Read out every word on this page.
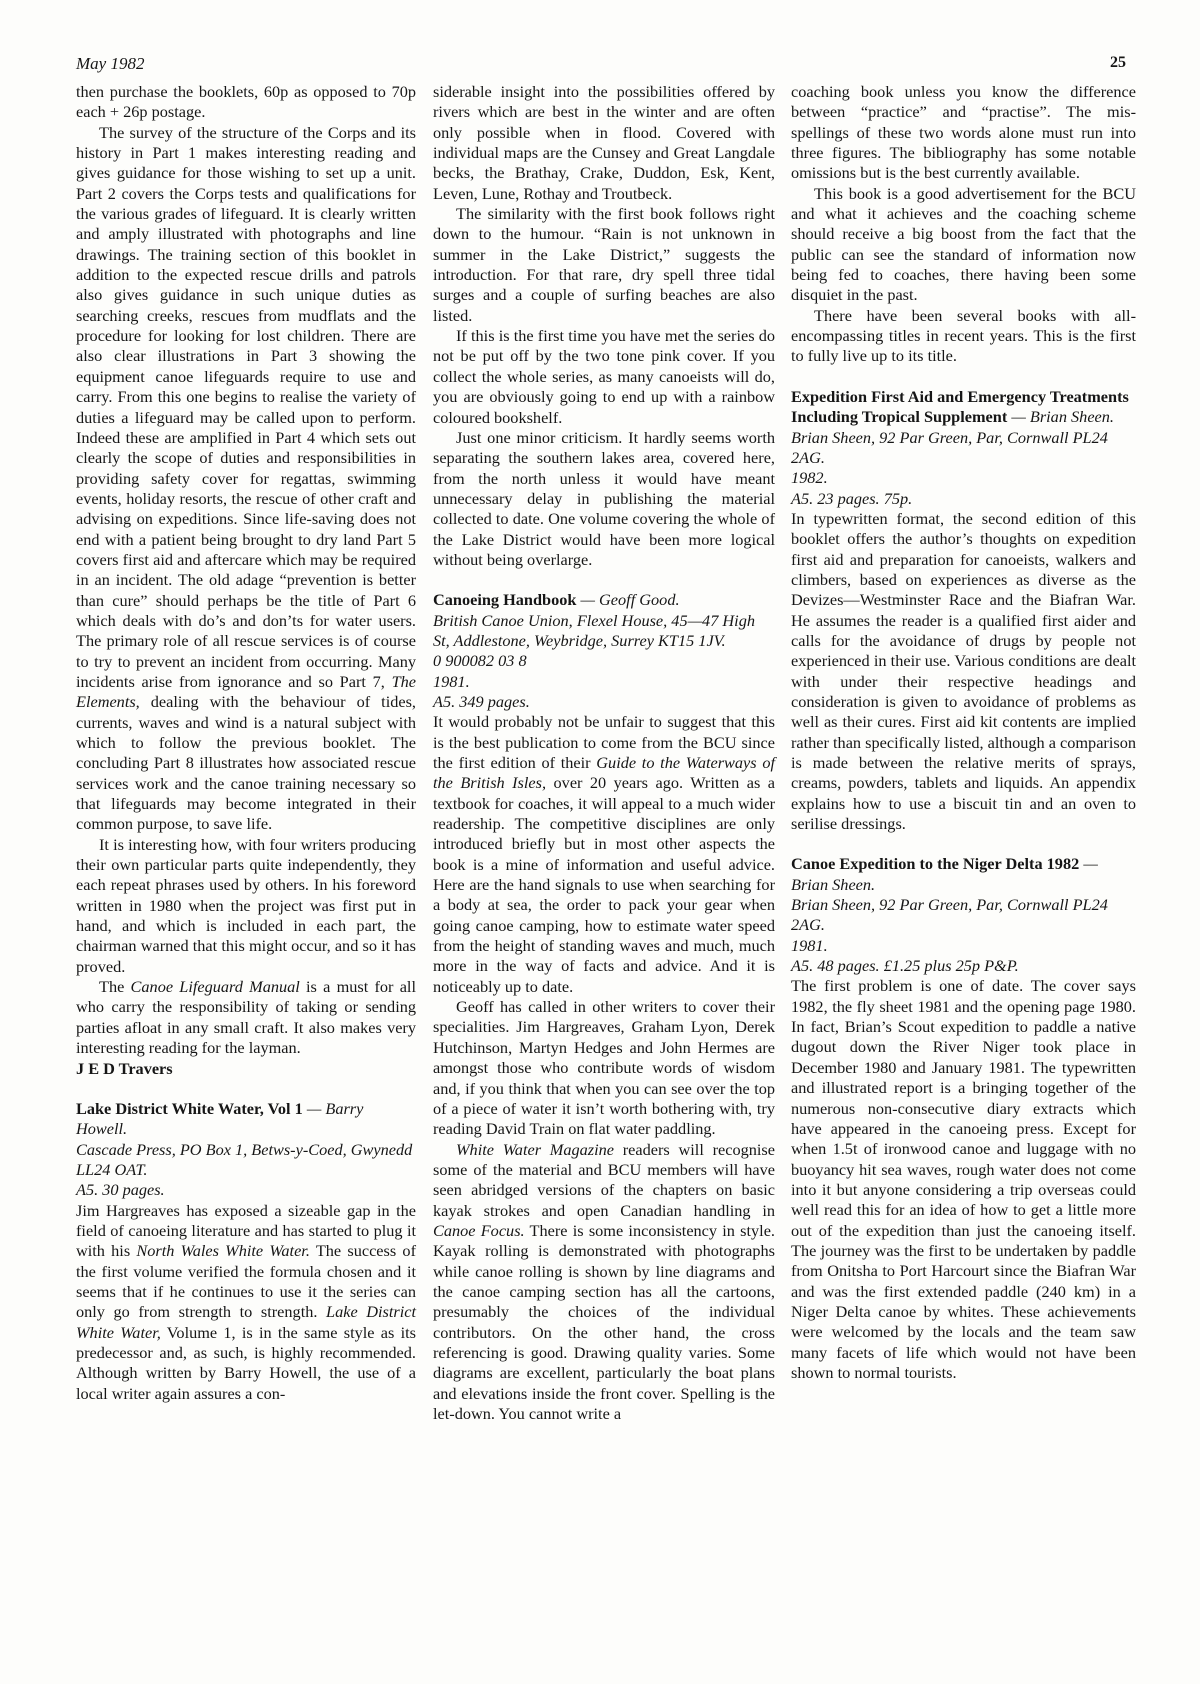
May 1982	25

then purchase the booklets, 60p as opposed to 70p each + 26p postage.

The survey of the structure of the Corps and its history in Part 1 makes interesting reading and gives guidance for those wishing to set up a unit. Part 2 covers the Corps tests and qualifications for the various grades of lifeguard. It is clearly written and amply illustrated with photographs and line drawings. The training section of this booklet in addition to the expected rescue drills and patrols also gives guidance in such unique duties as searching creeks, rescues from mudflats and the procedure for looking for lost children. There are also clear illustrations in Part 3 showing the equipment canoe lifeguards require to use and carry. From this one begins to realise the variety of duties a lifeguard may be called upon to perform. Indeed these are amplified in Part 4 which sets out clearly the scope of duties and responsibilities in providing safety cover for regattas, swimming events, holiday resorts, the rescue of other craft and advising on expeditions. Since life-saving does not end with a patient being brought to dry land Part 5 covers first aid and aftercare which may be required in an incident. The old adage “prevention is better than cure” should perhaps be the title of Part 6 which deals with do’s and don’ts for water users. The primary role of all rescue services is of course to try to prevent an incident from occurring. Many incidents arise from ignorance and so Part 7, The Elements, dealing with the behaviour of tides, currents, waves and wind is a natural subject with which to follow the previous booklet. The concluding Part 8 illustrates how associated rescue services work and the canoe training necessary so that lifeguards may become integrated in their common purpose, to save life.

It is interesting how, with four writers producing their own particular parts quite independently, they each repeat phrases used by others. In his foreword written in 1980 when the project was first put in hand, and which is included in each part, the chairman warned that this might occur, and so it has proved.

The Canoe Lifeguard Manual is a must for all who carry the responsibility of taking or sending parties afloat in any small craft. It also makes very interesting reading for the layman.

J E D Travers

Lake District White Water, Vol 1 — Barry Howell.

Cascade Press, PO Box 1, Betws-y-Coed, Gwynedd LL24 OAT.

A5. 30 pages.

Jim Hargreaves has exposed a sizeable gap in the field of canoeing literature and has started to plug it with his North Wales White Water. The success of the first volume verified the formula chosen and it seems that if he continues to use it the series can only go from strength to strength. Lake District White Water, Volume 1, is in the same style as its predecessor and, as such, is highly recommended. Although written by Barry Howell, the use of a local writer again assures a con-

siderable insight into the possibilities offered by rivers which are best in the winter and are often only possible when in flood. Covered with individual maps are the Cunsey and Great Langdale becks, the Brathay, Crake, Duddon, Esk, Kent, Leven, Lune, Rothay and Troutbeck.

The similarity with the first book follows right down to the humour. “Rain is not unknown in summer in the Lake District,” suggests the introduction. For that rare, dry spell three tidal surges and a couple of surfing beaches are also listed.

If this is the first time you have met the series do not be put off by the two tone pink cover. If you collect the whole series, as many canoeists will do, you are obviously going to end up with a rainbow coloured bookshelf.

Just one minor criticism. It hardly seems worth separating the southern lakes area, covered here, from the north unless it would have meant unnecessary delay in publishing the material collected to date. One volume covering the whole of the Lake District would have been more logical without being overlarge.

Canoeing Handbook — Geoff Good.

British Canoe Union, Flexel House, 45—47 High St, Addlestone, Weybridge, Surrey KT15 1JV.

0 900082 03 8

1981.

A5. 349 pages.

It would probably not be unfair to suggest that this is the best publication to come from the BCU since the first edition of their Guide to the Waterways of the British Isles, over 20 years ago. Written as a textbook for coaches, it will appeal to a much wider readership. The competitive disciplines are only introduced briefly but in most other aspects the book is a mine of information and useful advice. Here are the hand signals to use when searching for a body at sea, the order to pack your gear when going canoe camping, how to estimate water speed from the height of standing waves and much, much more in the way of facts and advice. And it is noticeably up to date.

Geoff has called in other writers to cover their specialities. Jim Hargreaves, Graham Lyon, Derek Hutchinson, Martyn Hedges and John Hermes are amongst those who contribute words of wisdom and, if you think that when you can see over the top of a piece of water it isn’t worth bothering with, try reading David Train on flat water paddling.

White Water Magazine readers will recognise some of the material and BCU members will have seen abridged versions of the chapters on basic kayak strokes and open Canadian handling in Canoe Focus. There is some inconsistency in style. Kayak rolling is demonstrated with photographs while canoe rolling is shown by line diagrams and the canoe camping section has all the cartoons, presumably the choices of the individual contributors. On the other hand, the cross referencing is good. Drawing quality varies. Some diagrams are excellent, particularly the boat plans and elevations inside the front cover. Spelling is the let-down. You cannot write a

coaching book unless you know the difference between “practice” and “practise”. The mis-spellings of these two words alone must run into three figures. The bibliography has some notable omissions but is the best currently available.

This book is a good advertisement for the BCU and what it achieves and the coaching scheme should receive a big boost from the fact that the public can see the standard of information now being fed to coaches, there having been some disquiet in the past.

There have been several books with all-encompassing titles in recent years. This is the first to fully live up to its title.

Expedition First Aid and Emergency Treatments Including Tropical Supplement — Brian Sheen.

Brian Sheen, 92 Par Green, Par, Cornwall PL24 2AG.

1982.

A5. 23 pages. 75p.

In typewritten format, the second edition of this booklet offers the author’s thoughts on expedition first aid and preparation for canoeists, walkers and climbers, based on experiences as diverse as the Devizes—Westminster Race and the Biafran War. He assumes the reader is a qualified first aider and calls for the avoidance of drugs by people not experienced in their use. Various conditions are dealt with under their respective headings and consideration is given to avoidance of problems as well as their cures. First aid kit contents are implied rather than specifically listed, although a comparison is made between the relative merits of sprays, creams, powders, tablets and liquids. An appendix explains how to use a biscuit tin and an oven to serilise dressings.

Canoe Expedition to the Niger Delta 1982 — Brian Sheen.

Brian Sheen, 92 Par Green, Par, Cornwall PL24 2AG.

1981.

A5. 48 pages. £1.25 plus 25p P&P.

The first problem is one of date. The cover says 1982, the fly sheet 1981 and the opening page 1980. In fact, Brian’s Scout expedition to paddle a native dugout down the River Niger took place in December 1980 and January 1981. The typewritten and illustrated report is a bringing together of the numerous non-consecutive diary extracts which have appeared in the canoeing press. Except for when 1.5t of ironwood canoe and luggage with no buoyancy hit sea waves, rough water does not come into it but anyone considering a trip overseas could well read this for an idea of how to get a little more out of the expedition than just the canoeing itself. The journey was the first to be undertaken by paddle from Onitsha to Port Harcourt since the Biafran War and was the first extended paddle (240 km) in a Niger Delta canoe by whites. These achievements were welcomed by the locals and the team saw many facets of life which would not have been shown to normal tourists.
